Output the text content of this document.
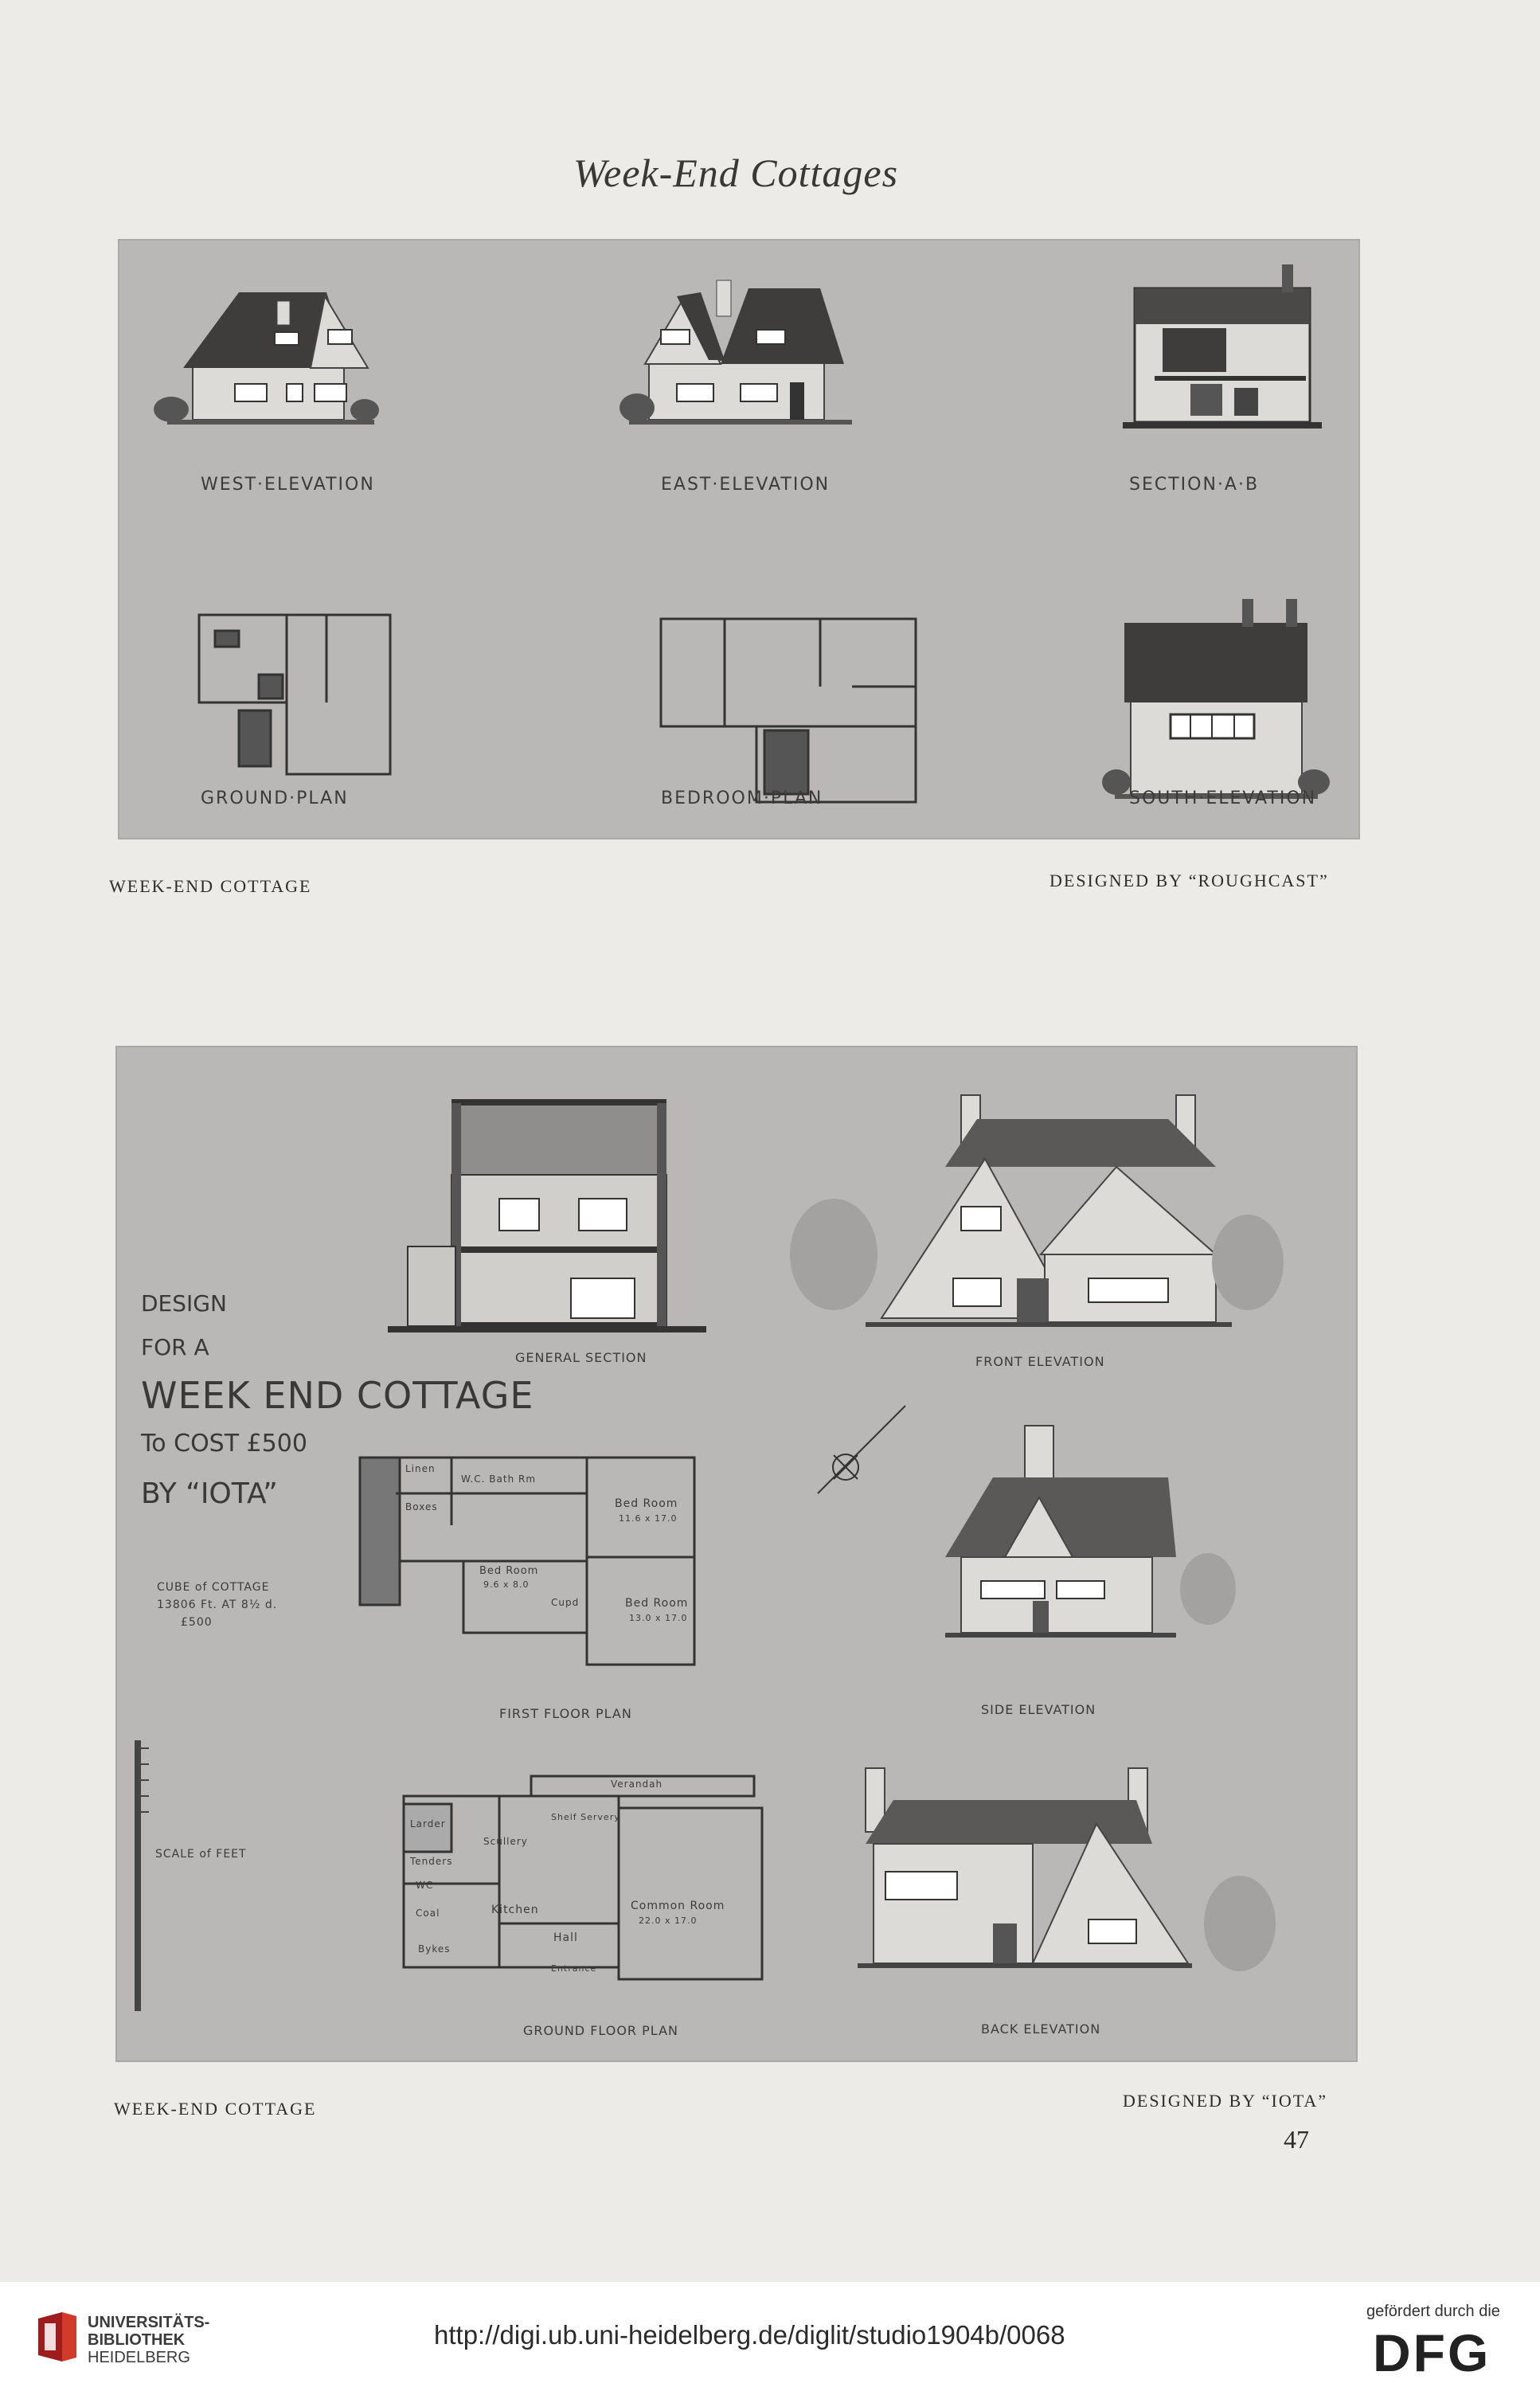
Week-End Cottages
WEST·ELEVATION	EAST·ELEVATION	SECTION·A·B
GROUND·PLAN	BEDROOM·PLAN	SOUTH·ELEVATION
WEEK-END COTTAGE	DESIGNED BY “ROUGHCAST”
DESIGN
FOR A
WEEK END COTTAGE
To COST £500
BY “IOTA”
CUBE of COTTAGE
13806 Ft. AT 8½ d.
£500
SCALE of FEET
GENERAL SECTION	FRONT ELEVATION
FIRST FLOOR PLAN	SIDE ELEVATION
GROUND FLOOR PLAN	BACK ELEVATION
Linen
W.C. Bath Rm
Boxes	Bed Room
11.6 x 17.0
Bed Room
9.6 x 8.0
Cupd	Bed Room
13.0 x 17.0
Verandah
Larder
Scullery
Shelf Servery
Tenders
WC
Coal	Kitchen	Common Room
22.0 x 17.0
Hall
Bykes
Entrance
WEEK-END COTTAGE	DESIGNED BY “IOTA”
47
UNIVERSITÄTS-
BIBLIOTHEK
HEIDELBERG
http://digi.ub.uni-heidelberg.de/diglit/studio1904b/0068
gefördert durch die
DFG
